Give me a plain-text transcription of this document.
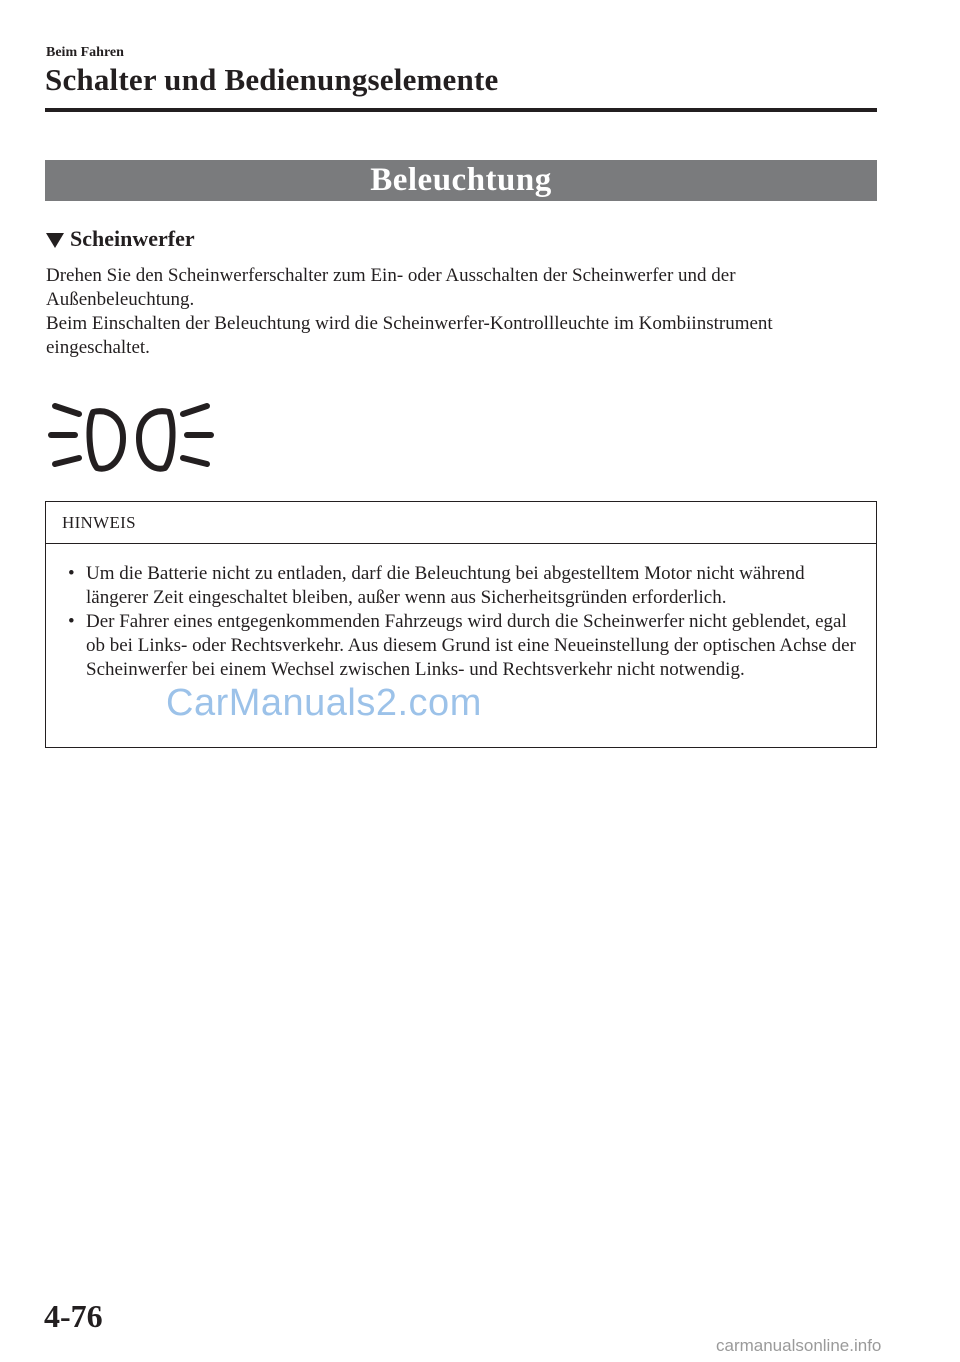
Beim Fahren
Schalter und Bedienungselemente
Beleuchtung
Scheinwerfer

Drehen Sie den Scheinwerferschalter zum Ein- oder Ausschalten der Scheinwerfer und der Außenbeleuchtung.

Beim Einschalten der Beleuchtung wird die Scheinwerfer-Kontrollleuchte im Kombiinstrument eingeschaltet.

HINWEIS
• Um die Batterie nicht zu entladen, darf die Beleuchtung bei abgestelltem Motor nicht während längerer Zeit eingeschaltet bleiben, außer wenn aus Sicherheitsgründen erforderlich.
• Der Fahrer eines entgegenkommenden Fahrzeugs wird durch die Scheinwerfer nicht geblendet, egal ob bei Links- oder Rechtsverkehr. Aus diesem Grund ist eine Neueinstellung der optischen Achse der Scheinwerfer bei einem Wechsel zwischen Links- und Rechtsverkehr nicht notwendig.
CarManuals2.com
4-76
carmanualsonline.info
